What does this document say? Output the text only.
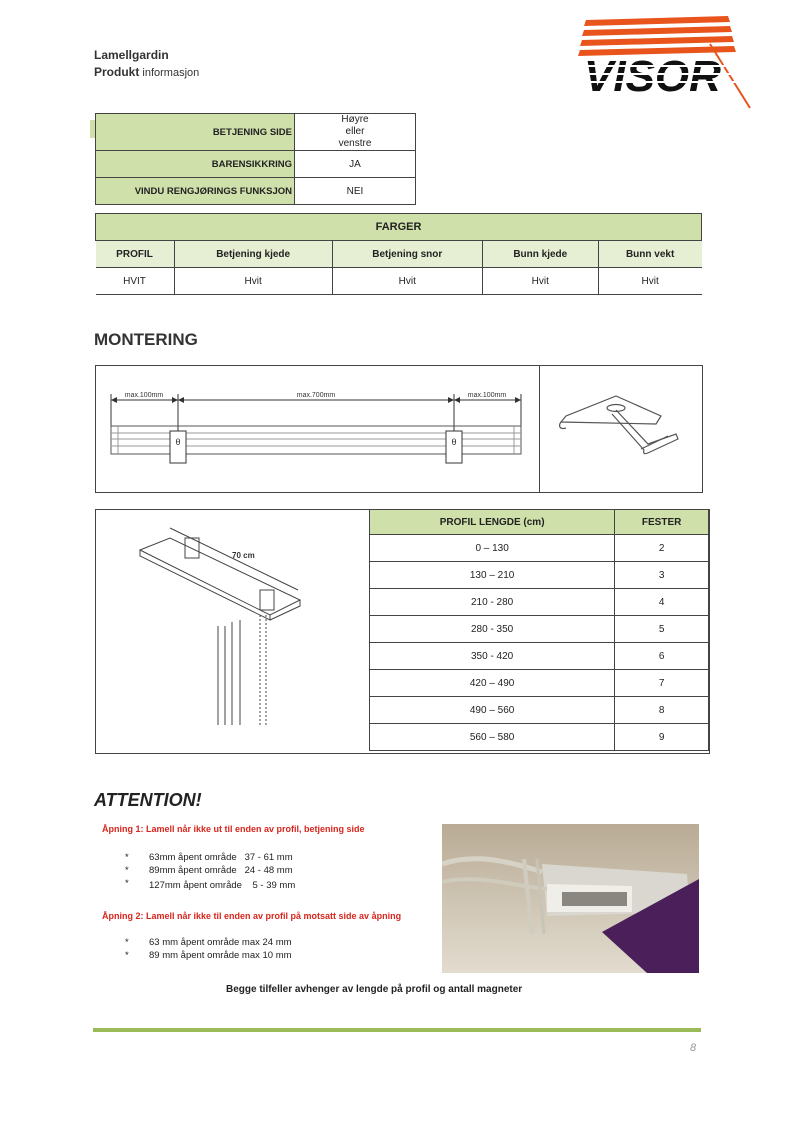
Lamellgardin
Produkt informasjon	VISOR
BETJENING SIDE	Høyre eller venstre
BARENSIKKRING	JA
VINDU RENGJØRINGS FUNKSJON	NEI
FARGER				
PROFIL	Betjening kjede	Betjening snor	Bunn kjede	Bunn vekt
HVIT	Hvit	Hvit	Hvit	Hvit
MONTERING
θ	θ
max.100mm	max.700mm	max.100mm
70 cm
PROFIL LENGDE (cm)	FESTER
0 – 130	2
130 – 210	3
210 - 280	4
280 - 350	5
350 - 420	6
420 – 490	7
490 – 560	8
560 – 580	9
ATTENTION!
Åpning 1: Lamell når ikke ut til enden av profil, betjening side
* 63mm åpent område   37 - 61 mm
* 89mm åpent område   24 - 48 mm
* 127mm åpent område    5 - 39 mm
Åpning 2: Lamell når ikke til enden av profil på motsatt side av åpning
* 63 mm åpent område max 24 mm
* 89 mm åpent område max 10 mm
Begge tilfeller avhenger av lengde på profil og antall magneter
8
